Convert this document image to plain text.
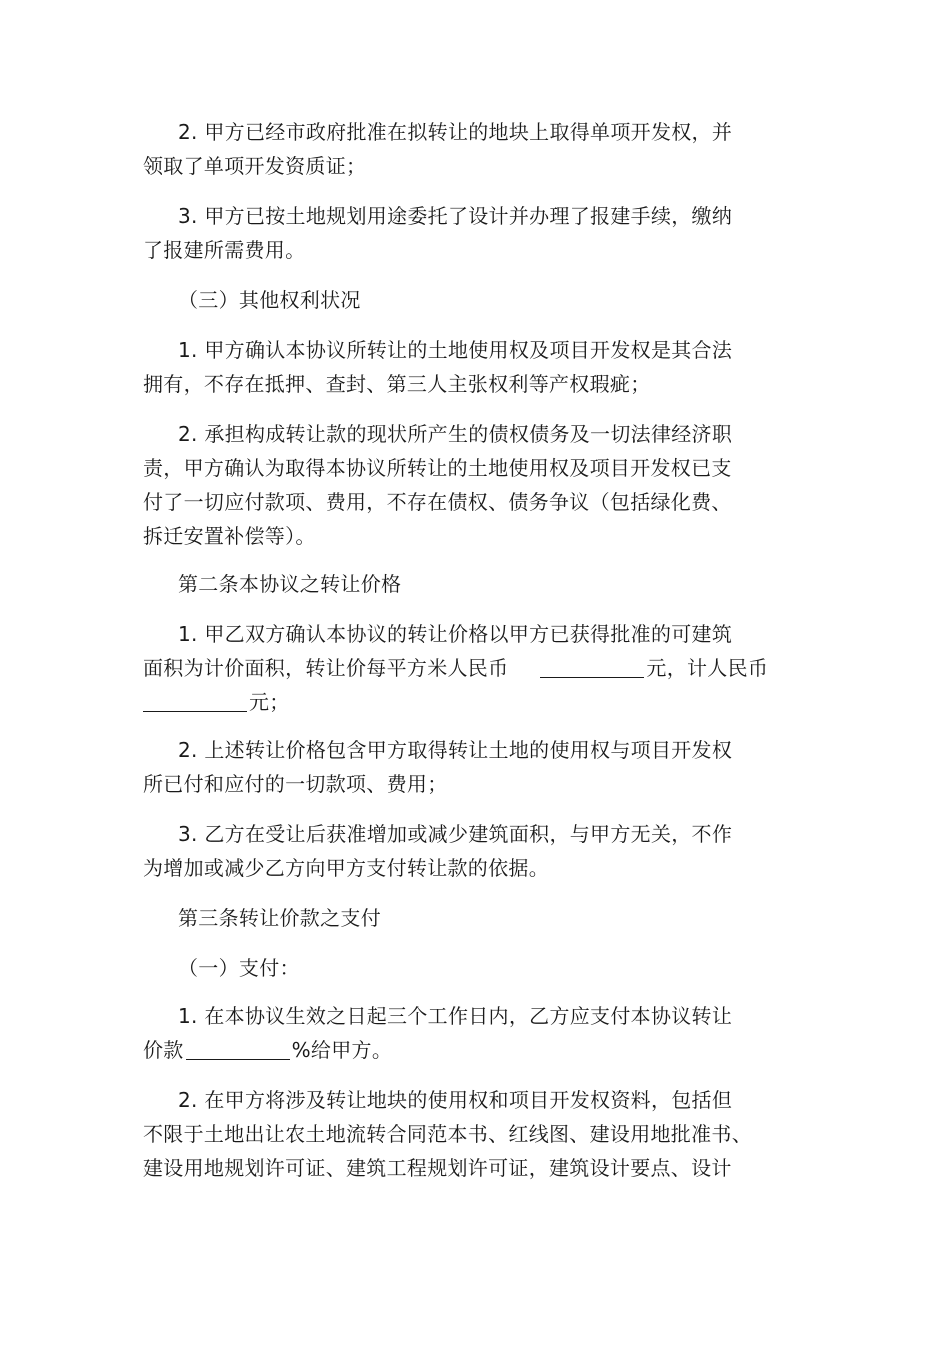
2. 甲方已经市政府批准在拟转让的地块上取得单项开发权，并
领取了单项开发资质证；
3. 甲方已按土地规划用途委托了设计并办理了报建手续，缴纳
了报建所需费用。
（三）其他权利状况
1. 甲方确认本协议所转让的土地使用权及项目开发权是其合法
拥有，不存在抵押、查封、第三人主张权利等产权瑕疵；
2. 承担构成转让款的现状所产生的债权债务及一切法律经济职
责，甲方确认为取得本协议所转让的土地使用权及项目开发权已支
付了一切应付款项、费用，不存在债权、债务争议（包括绿化费、
拆迁安置补偿等）。
第二条本协议之转让价格
1. 甲乙双方确认本协议的转让价格以甲方已获得批准的可建筑
面积为计价面积，转让价每平方米人民币	元，计人民币
元；
2. 上述转让价格包含甲方取得转让土地的使用权与项目开发权
所已付和应付的一切款项、费用；
3. 乙方在受让后获准增加或减少建筑面积，与甲方无关，不作
为增加或减少乙方向甲方支付转让款的依据。
第三条转让价款之支付
（一）支付：
1. 在本协议生效之日起三个工作日内，乙方应支付本协议转让
价款	%给甲方。
2. 在甲方将涉及转让地块的使用权和项目开发权资料，包括但
不限于土地出让农土地流转合同范本书、红线图、建设用地批准书、
建设用地规划许可证、建筑工程规划许可证，建筑设计要点、设计
